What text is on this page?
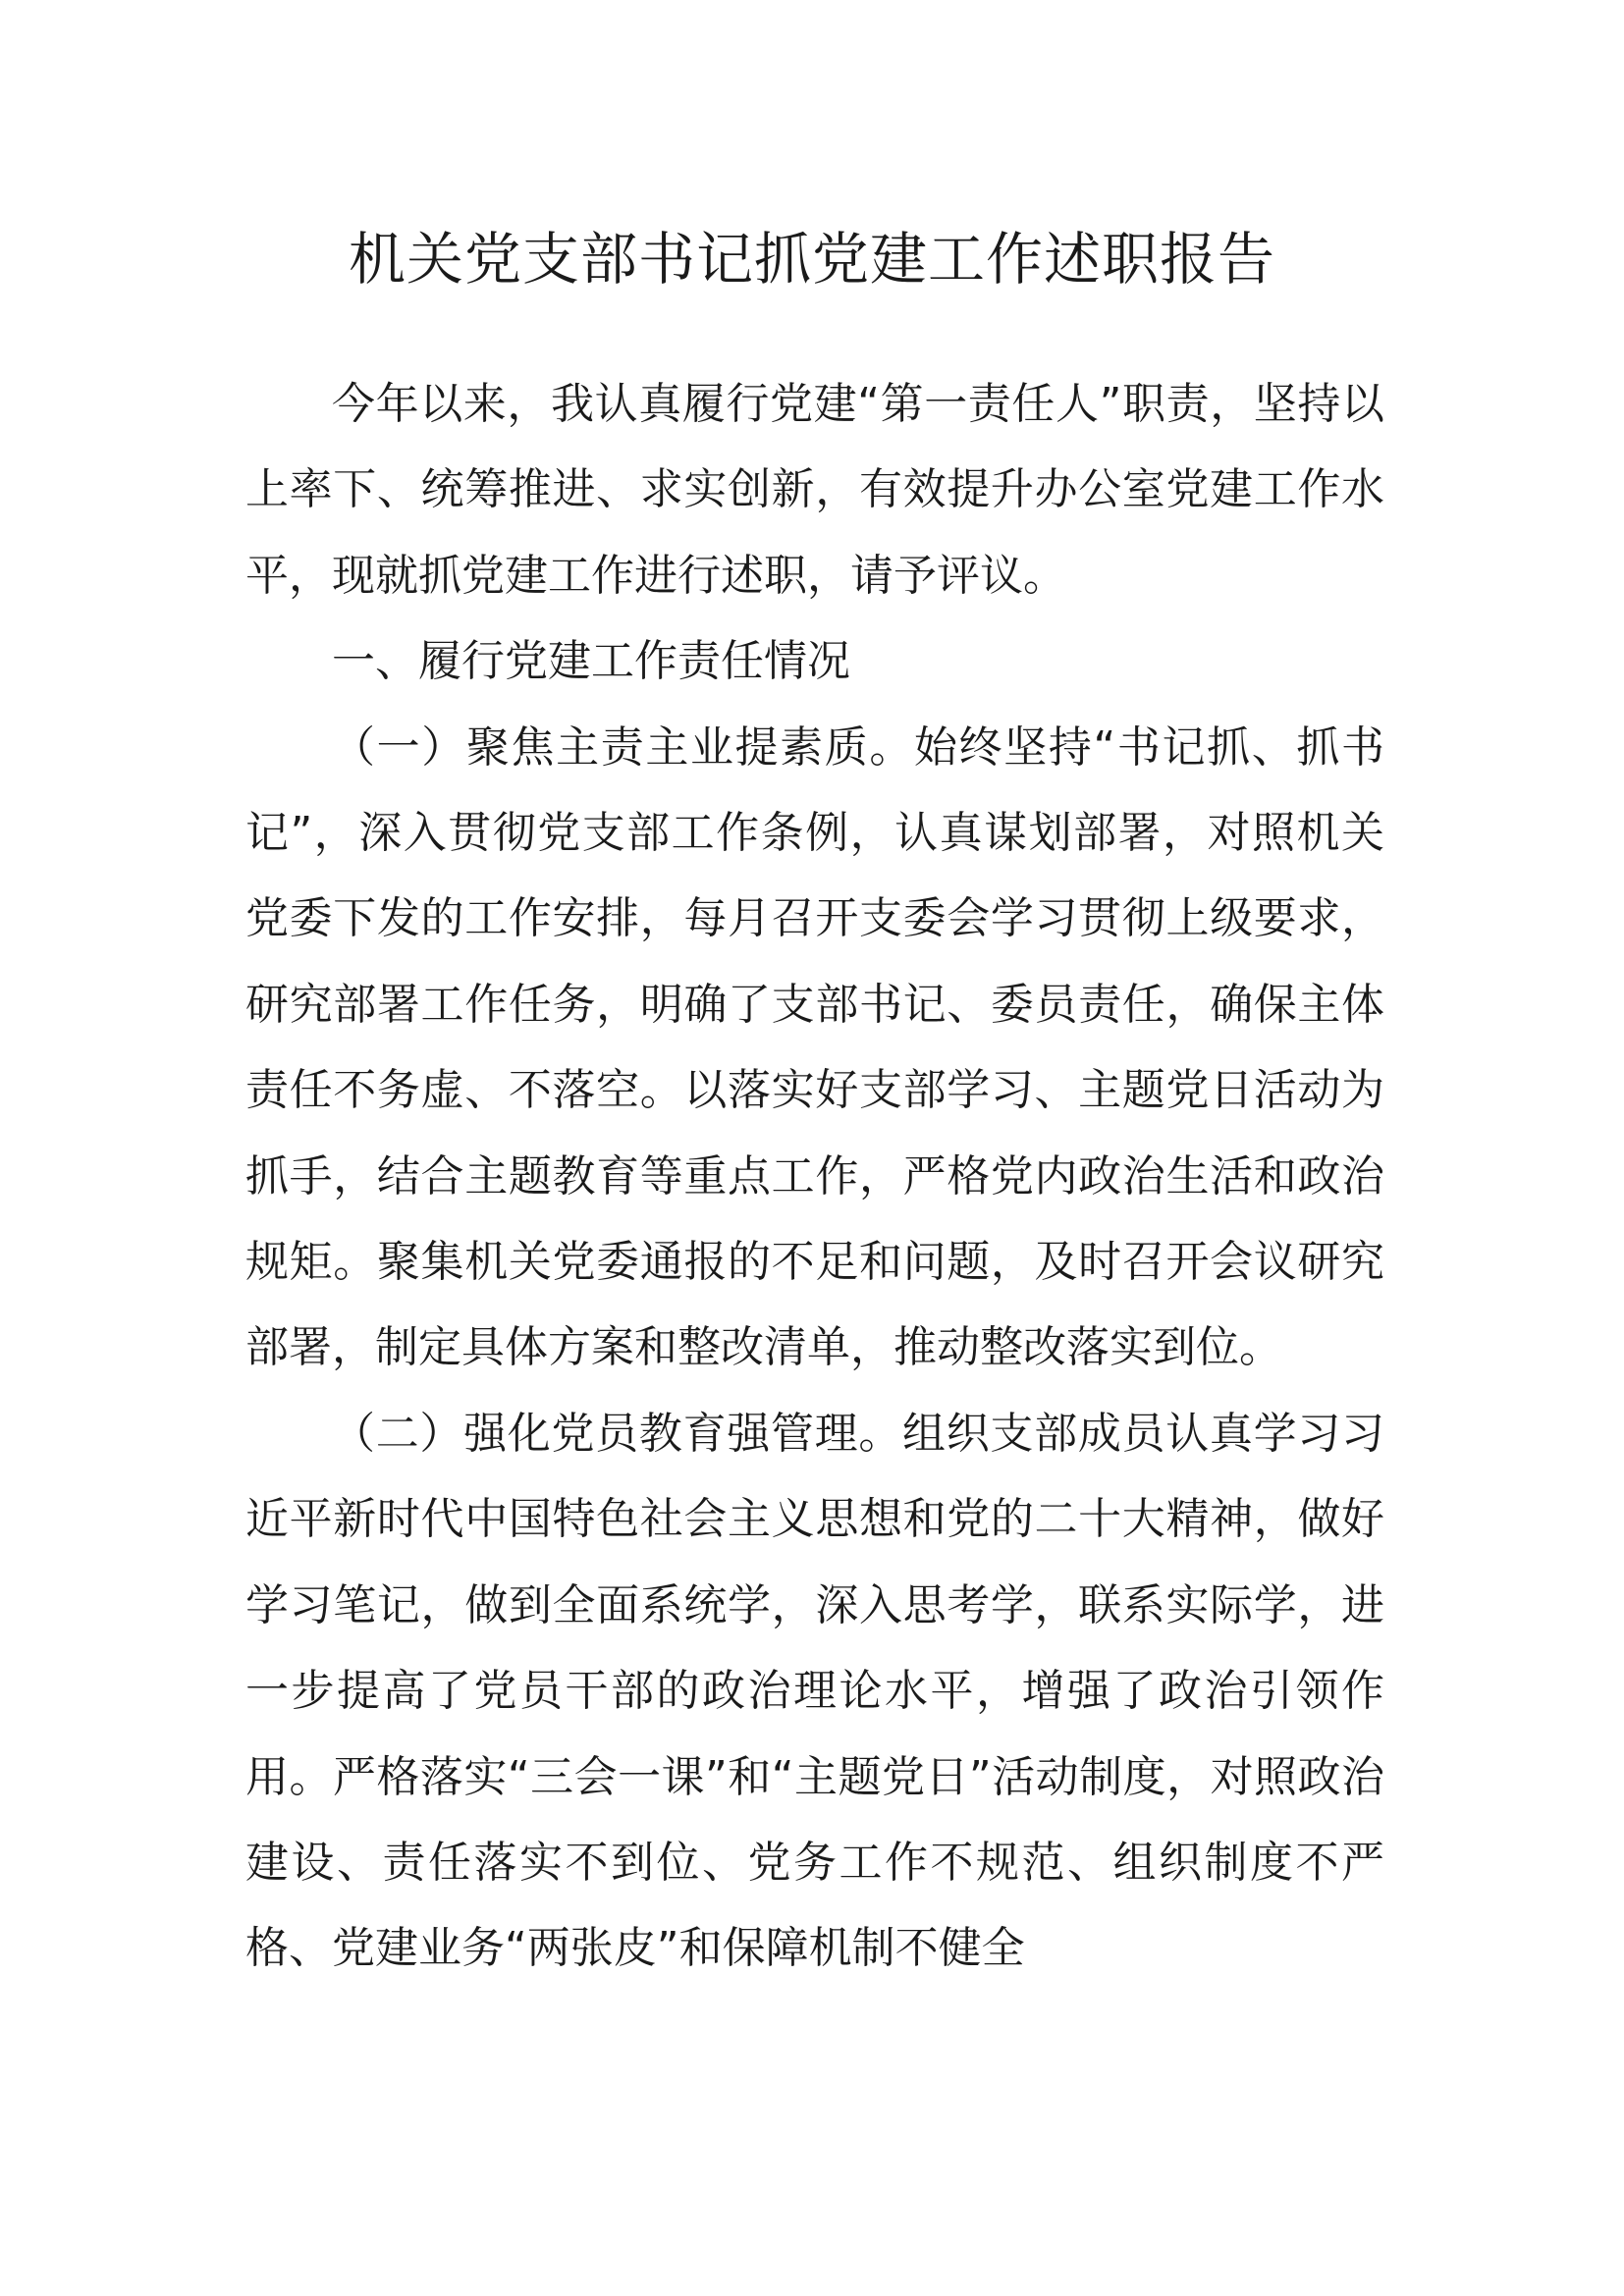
机关党支部书记抓党建工作述职报告

今年以来，我认真履行党建“第一责任人”职责，坚持以上率下、统筹推进、求实创新，有效提升办公室党建工作水平，现就抓党建工作进行述职，请予评议。

一、履行党建工作责任情况

（一）聚焦主责主业提素质。始终坚持“书记抓、抓书记”，深入贯彻党支部工作条例，认真谋划部署，对照机关党委下发的工作安排，每月召开支委会学习贯彻上级要求，研究部署工作任务，明确了支部书记、委员责任，确保主体责任不务虚、不落空。以落实好支部学习、主题党日活动为抓手，结合主题教育等重点工作，严格党内政治生活和政治规矩。聚集机关党委通报的不足和问题，及时召开会议研究部署，制定具体方案和整改清单，推动整改落实到位。

（二）强化党员教育强管理。组织支部成员认真学习习近平新时代中国特色社会主义思想和党的二十大精神，做好学习笔记，做到全面系统学，深入思考学，联系实际学，进一步提高了党员干部的政治理论水平，增强了政治引领作用。严格落实“三会一课”和“主题党日”活动制度，对照政治建设、责任落实不到位、党务工作不规范、组织制度不严格、党建业务“两张皮”和保障机制不健全
